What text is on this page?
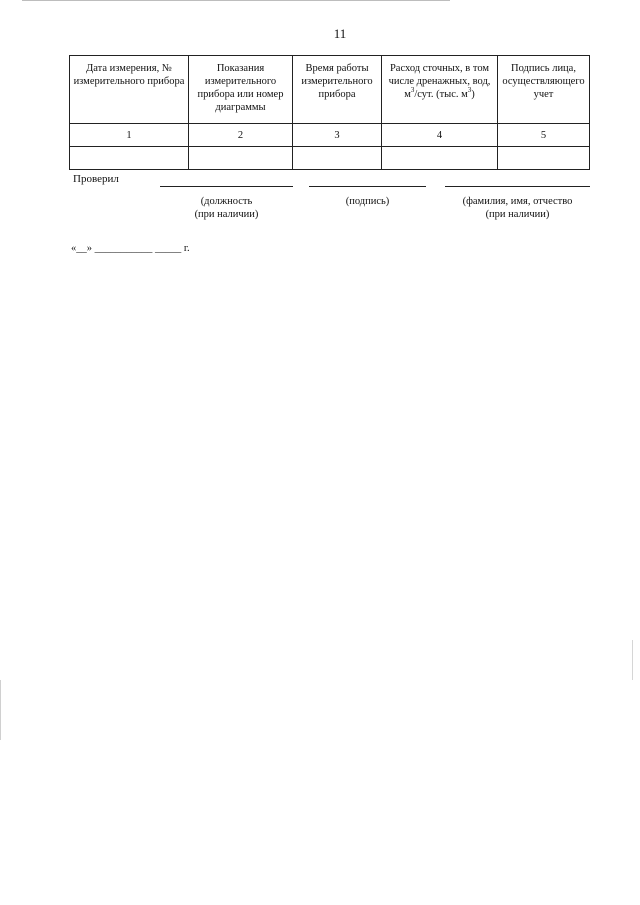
11
Дата измерения, № измерительного прибора	Показания измерительного прибора или номер диаграммы	Время работы измерительного прибора	Расход сточных, в том числе дренажных, вод, $м^3$/сут. (тыс. $м^3$)	Подпись лица, осуществляющего учет
1	2	3	4	5

Проверил
(должность
(при наличии)
(подпись)	(фамилия, имя, отчество
(при наличии)
«__» ___________ _____ г.
